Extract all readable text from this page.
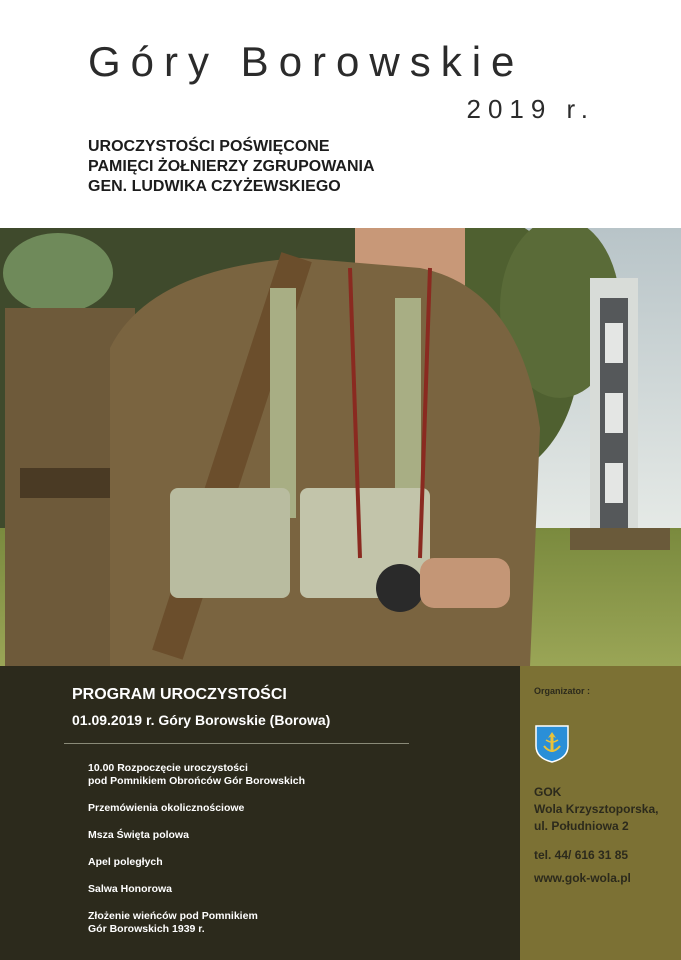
Góry Borowskie
2019 r.
UROCZYSTOŚCI POŚWIĘCONE
PAMIĘCI ŻOŁNIERZY ZGRUPOWANIA
GEN. LUDWIKA CZYŻEWSKIEGO
PROGRAM UROCZYSTOŚCI
01.09.2019 r. Góry Borowskie (Borowa)
10.00 Rozpoczęcie uroczystości
pod Pomnikiem Obrońców Gór Borowskich
Przemówienia okolicznościowe
Msza Święta polowa
Apel poległych
Salwa Honorowa
Złożenie wieńców pod Pomnikiem
Gór Borowskich 1939 r.
Organizator :
GOK
Wola Krzysztoporska,
ul. Południowa 2
tel. 44/ 616 31 85
www.gok-wola.pl
